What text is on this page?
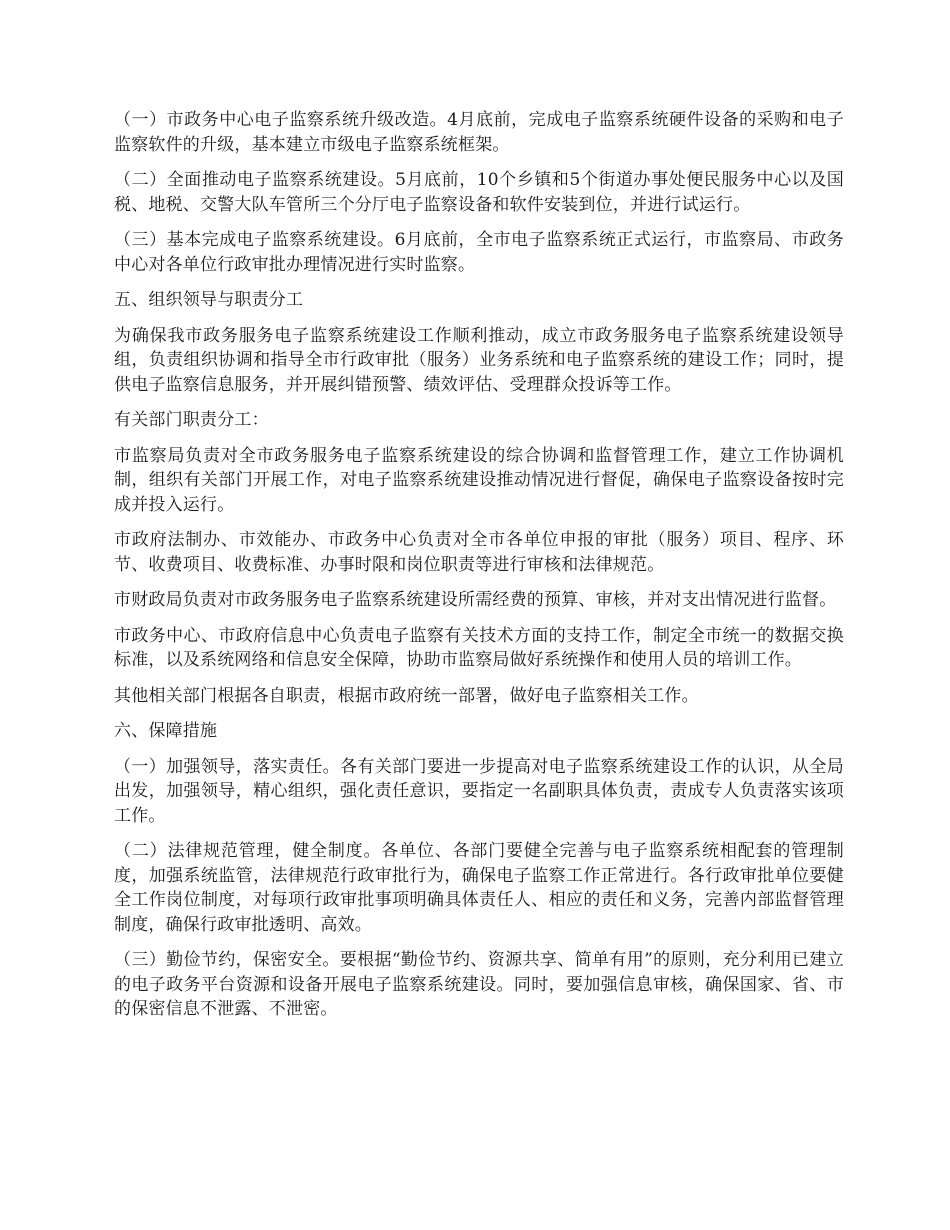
（一）市政务中心电子监察系统升级改造。4月底前，完成电子监察系统硬件设备的采购和电子监察软件的升级，基本建立市级电子监察系统框架。

（二）全面推动电子监察系统建设。5月底前，10个乡镇和5个街道办事处便民服务中心以及国税、地税、交警大队车管所三个分厅电子监察设备和软件安装到位，并进行试运行。

（三）基本完成电子监察系统建设。6月底前，全市电子监察系统正式运行，市监察局、市政务中心对各单位行政审批办理情况进行实时监察。

五、组织领导与职责分工

为确保我市政务服务电子监察系统建设工作顺利推动，成立市政务服务电子监察系统建设领导组，负责组织协调和指导全市行政审批（服务）业务系统和电子监察系统的建设工作；同时，提供电子监察信息服务，并开展纠错预警、绩效评估、受理群众投诉等工作。

有关部门职责分工：

市监察局负责对全市政务服务电子监察系统建设的综合协调和监督管理工作，建立工作协调机制，组织有关部门开展工作，对电子监察系统建设推动情况进行督促，确保电子监察设备按时完成并投入运行。

市政府法制办、市效能办、市政务中心负责对全市各单位申报的审批（服务）项目、程序、环节、收费项目、收费标准、办事时限和岗位职责等进行审核和法律规范。

市财政局负责对市政务服务电子监察系统建设所需经费的预算、审核，并对支出情况进行监督。

市政务中心、市政府信息中心负责电子监察有关技术方面的支持工作，制定全市统一的数据交换标准，以及系统网络和信息安全保障，协助市监察局做好系统操作和使用人员的培训工作。

其他相关部门根据各自职责，根据市政府统一部署，做好电子监察相关工作。

六、保障措施

（一）加强领导，落实责任。各有关部门要进一步提高对电子监察系统建设工作的认识，从全局出发，加强领导，精心组织，强化责任意识，要指定一名副职具体负责，责成专人负责落实该项工作。

（二）法律规范管理，健全制度。各单位、各部门要健全完善与电子监察系统相配套的管理制度，加强系统监管，法律规范行政审批行为，确保电子监察工作正常进行。各行政审批单位要健全工作岗位制度，对每项行政审批事项明确具体责任人、相应的责任和义务，完善内部监督管理制度，确保行政审批透明、高效。

（三）勤俭节约，保密安全。要根据“勤俭节约、资源共享、简单有用”的原则，充分利用已建立的电子政务平台资源和设备开展电子监察系统建设。同时，要加强信息审核，确保国家、省、市的保密信息不泄露、不泄密。
